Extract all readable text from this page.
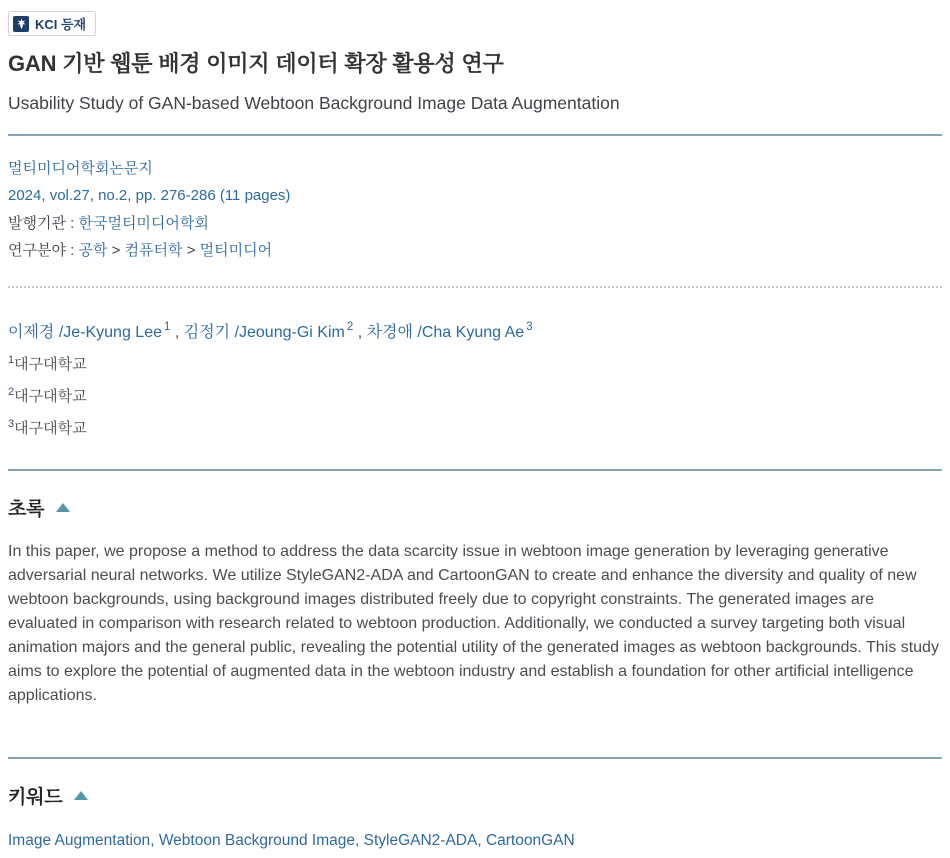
KCI 등재
GAN 기반 웹툰 배경 이미지 데이터 확장 활용성 연구
Usability Study of GAN-based Webtoon Background Image Data Augmentation
멀티미디어학회논문지
2024, vol.27, no.2, pp. 276-286 (11 pages)
발행기관 : 한국멀티미디어학회
연구분야 : 공학 > 컴퓨터학 > 멀티미디어
이제경 /Je-Kyung Lee $^1$ , 김정기 /Jeoung-Gi Kim $^2$ , 차경애 /Cha Kyung Ae $^3$
$^1$대구대학교
$^2$대구대학교
$^3$대구대학교
초록
In this paper, we propose a method to address the data scarcity issue in webtoon image generation by leveraging generative adversarial neural networks. We utilize StyleGAN2-ADA and CartoonGAN to create and enhance the diversity and quality of new webtoon backgrounds, using background images distributed freely due to copyright constraints. The generated images are evaluated in comparison with research related to webtoon production. Additionally, we conducted a survey targeting both visual animation majors and the general public, revealing the potential utility of the generated images as webtoon backgrounds. This study aims to explore the potential of augmented data in the webtoon industry and establish a foundation for other artificial intelligence applications.
키워드
Image Augmentation, Webtoon Background Image, StyleGAN2-ADA, CartoonGAN
